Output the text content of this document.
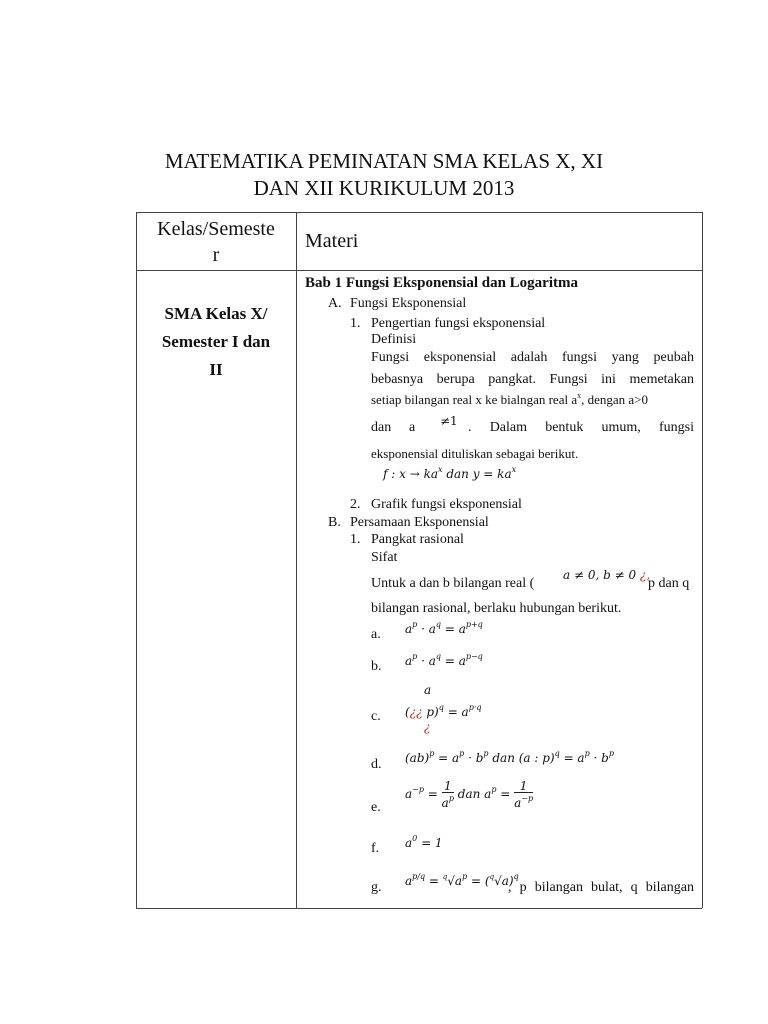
MATEMATIKA PEMINATAN SMA KELAS X, XI
DAN XII KURIKULUM 2013
Kelas/Semeste
r
Materi
SMA Kelas X/
Semester I dan
II
Bab 1 Fungsi Eksponensial dan Logaritma
A. Fungsi Eksponensial
1. Pengertian fungsi eksponensial
Definisi
Fungsi eksponensial adalah fungsi yang peubah
bebasnya berupa pangkat. Fungsi ini memetakan
setiap bilangan real x ke bialngan real $a^x$, dengan a>0
dan a ≠1 . Dalam bentuk umum, fungsi
eksponensial dituliskan sebagai berikut.
f : $x \to ka^x$ dan $y = ka^x$
2. Grafik fungsi eksponensial
B. Persamaan Eksponensial
1. Pangkat rasional
Sifat
Untuk a dan b bilangan real (
a ≠ 0, b ≠ 0 ¿,
p dan q
bilangan rasional, berlaku hubungan berikut.
a. $a^p \cdot a^q = a^{p+q}$
b. $a^p \cdot a^q = a^{p-q}$
c.
a
(¿¿ $p)^q = a^{p\cdot q}$
¿
d. $(ab)^p = a^p \cdot b^p$ dan (a : $p)^q = a^p \cdot b^p$
e.
$a^{-p} = \frac{1}{a^p}$ dan $a^p = \frac{1}{a^{-p}}$
f. $a^0 = 1$
g. $a^{p/q} = ^q√a^p = (^q√a)^q$
, p bilangan bulat, q bilangan
